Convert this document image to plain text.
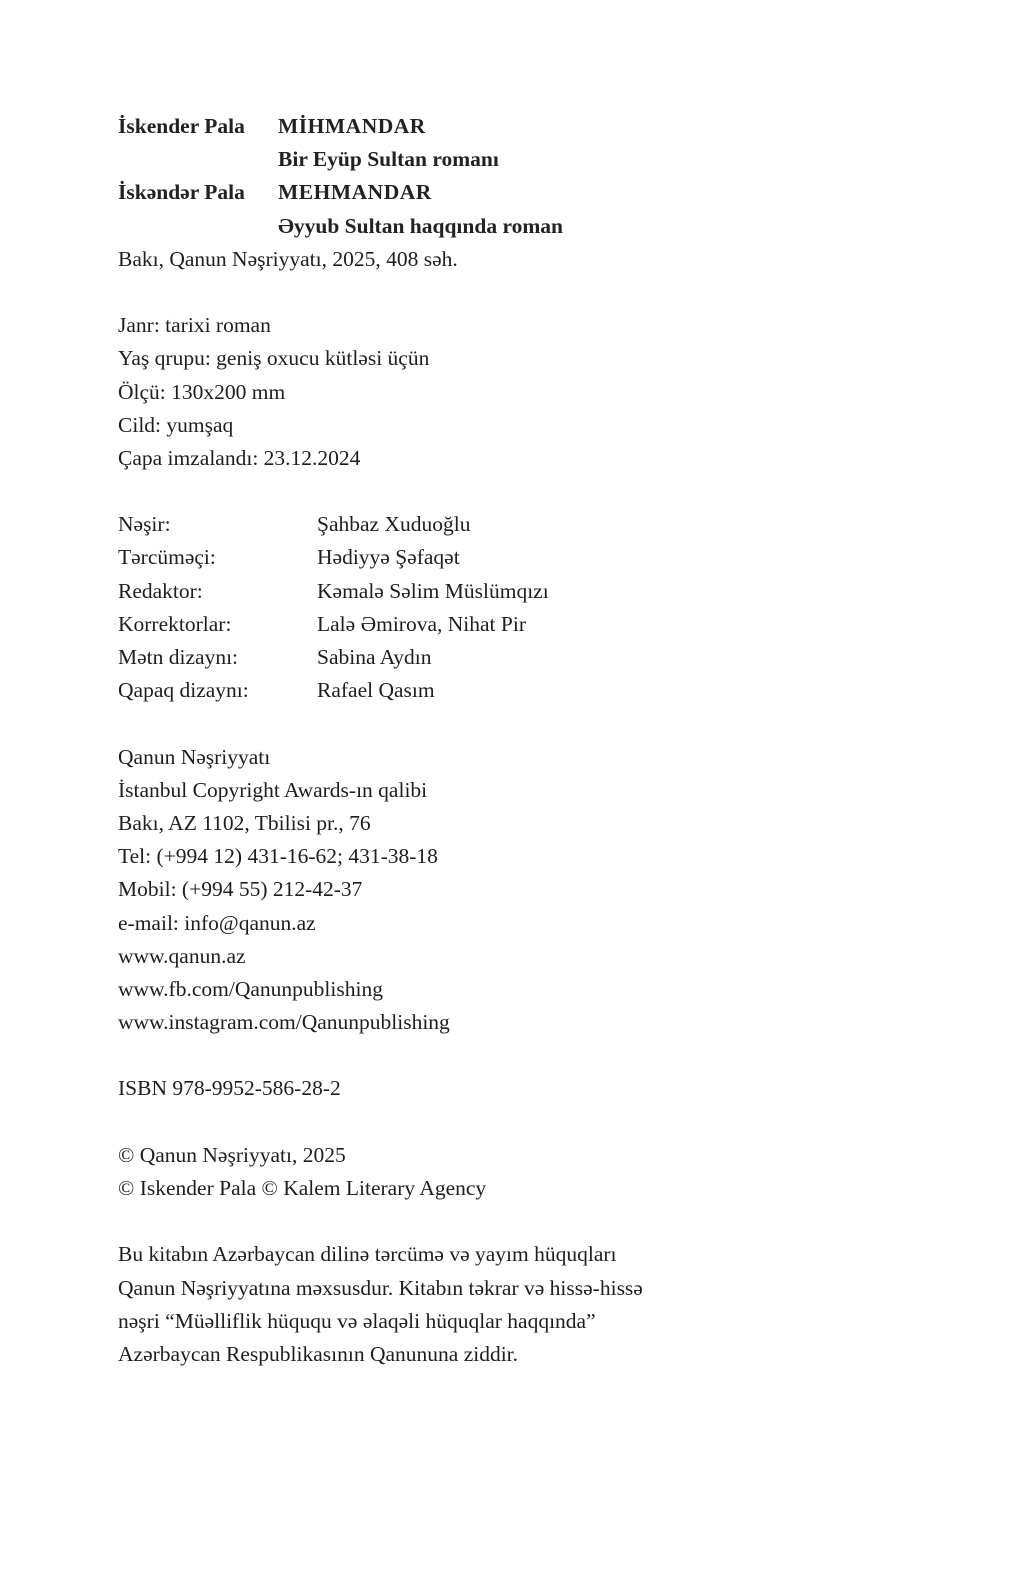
İskender Pala	MİHMANDAR
Bir Eyüp Sultan romanı
İskəndər Pala	MEHMANDAR
Əyyub Sultan haqqında roman
Bakı, Qanun Nəşriyyatı, 2025, 408 səh.
Janr: tarixi roman
Yaş qrupu: geniş oxucu kütləsi üçün
Ölçü: 130x200 mm
Cild: yumşaq
Çapa imzalandı: 23.12.2024
Nəşir:	Şahbaz Xuduoğlu
Tərcüməçi:	Hədiyyə Şəfaqət
Redaktor:	Kəmalə Səlim Müslümqızı
Korrektorlar:	Lalə Əmirova, Nihat Pir
Mətn dizaynı:	Sabina Aydın
Qapaq dizaynı:	Rafael Qasım
Qanun Nəşriyyatı
İstanbul Copyright Awards-ın qalibi
Bakı, AZ 1102, Tbilisi pr., 76
Tel: (+994 12) 431-16-62; 431-38-18
Mobil: (+994 55) 212-42-37
e-mail: info@qanun.az
www.qanun.az
www.fb.com/Qanunpublishing
www.instagram.com/Qanunpublishing
ISBN 978-9952-586-28-2
© Qanun Nəşriyyatı, 2025
© Iskender Pala © Kalem Literary Agency
Bu kitabın Azərbaycan dilinə tərcümə və yayım hüquqları
Qanun Nəşriyyatına məxsusdur. Kitabın təkrar və hissə-hissə
nəşri “Müəlliflik hüququ və əlaqəli hüquqlar haqqında”
Azərbaycan Respublikasının Qanununa ziddir.
